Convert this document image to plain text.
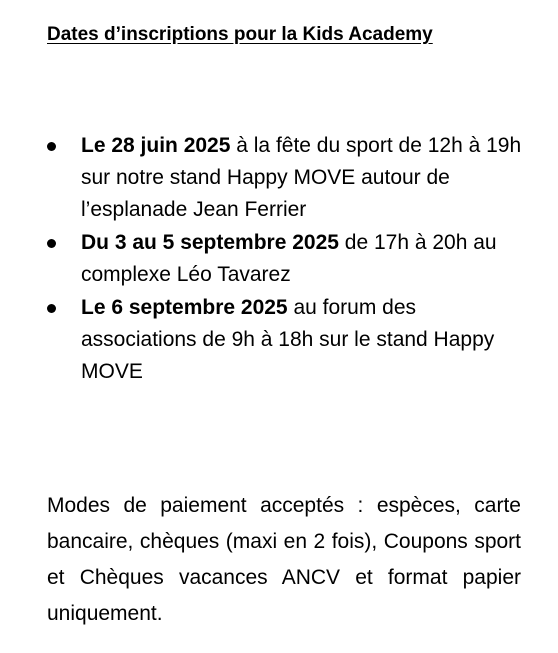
Dates d’inscriptions pour la Kids Academy
Le 28 juin 2025 à la fête du sport de 12h à 19h sur notre stand Happy MOVE autour de l’esplanade Jean Ferrier
Du 3 au 5 septembre 2025 de 17h à 20h au complexe Léo Tavarez
Le 6 septembre 2025 au forum des associations de 9h à 18h sur le stand Happy MOVE

Modes de paiement acceptés : espèces, carte bancaire, chèques (maxi en 2 fois), Coupons sport et Chèques vacances ANCV et format papier uniquement.
